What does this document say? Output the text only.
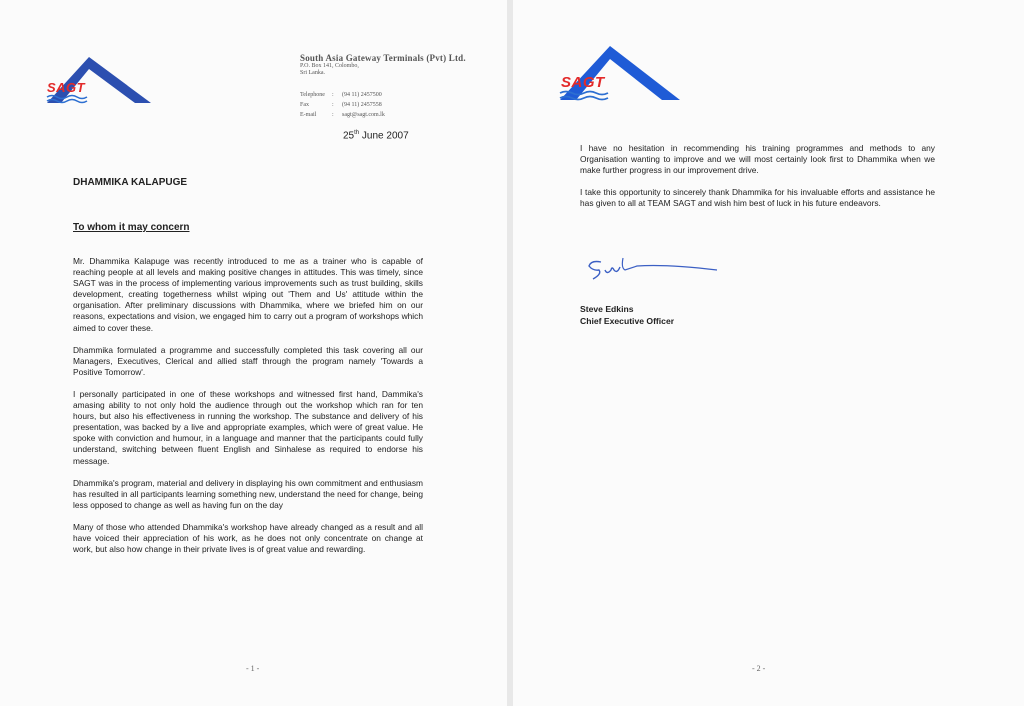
SAGT
South Asia Gateway Terminals (Pvt) Ltd.
P.O. Box 141, Colombo,
Sri Lanka.
Telephone	:	(94 11) 2457500
Fax	:	(94 11) 2457558
E-mail	:	sagt@sagt.com.lk
25th June 2007
DHAMMIKA KALAPUGE
To whom it may concern

Mr. Dhammika Kalapuge was recently introduced to me as a trainer who is capable of reaching people at all levels and making positive changes in attitudes. This was timely, since SAGT was in the process of implementing various improvements such as trust building, skills development, creating togetherness whilst wiping out 'Them and Us' attitude within the organisation. After preliminary discussions with Dhammika, where we briefed him on our reasons, expectations and vision, we engaged him to carry out a program of workshops which aimed to cover these.

Dhammika formulated a programme and successfully completed this task covering all our Managers, Executives, Clerical and allied staff through the program namely 'Towards a Positive Tomorrow'.

I personally participated in one of these workshops and witnessed first hand, Dammika's amasing ability to not only hold the audience through out the workshop which ran for ten hours, but also his effectiveness in running the workshop. The substance and delivery of his presentation, was backed by a live and appropriate examples, which were of great value. He spoke with conviction and humour, in a language and manner that the participants could fully understand, switching between fluent English and Sinhalese as required to endorse his message.

Dhammika's program, material and delivery in displaying his own commitment and enthusiasm has resulted in all participants learning something new, understand the need for change, being less opposed to change as well as having fun on the day

Many of those who attended Dhammika's workshop have already changed as a result and all have voiced their appreciation of his work, as he does not only concentrate on change at work, but also how change in their private lives is of great value and rewarding.

- 1 -
SAGT

I have no hesitation in recommending his training programmes and methods to any Organisation wanting to improve and we will most certainly look first to Dhammika when we make further progress in our improvement drive.

I take this opportunity to sincerely thank Dhammika for his invaluable efforts and assistance he has given to all at TEAM SAGT and wish him best of luck in his future endeavors.

Steve Edkins
Chief Executive Officer
- 2 -
